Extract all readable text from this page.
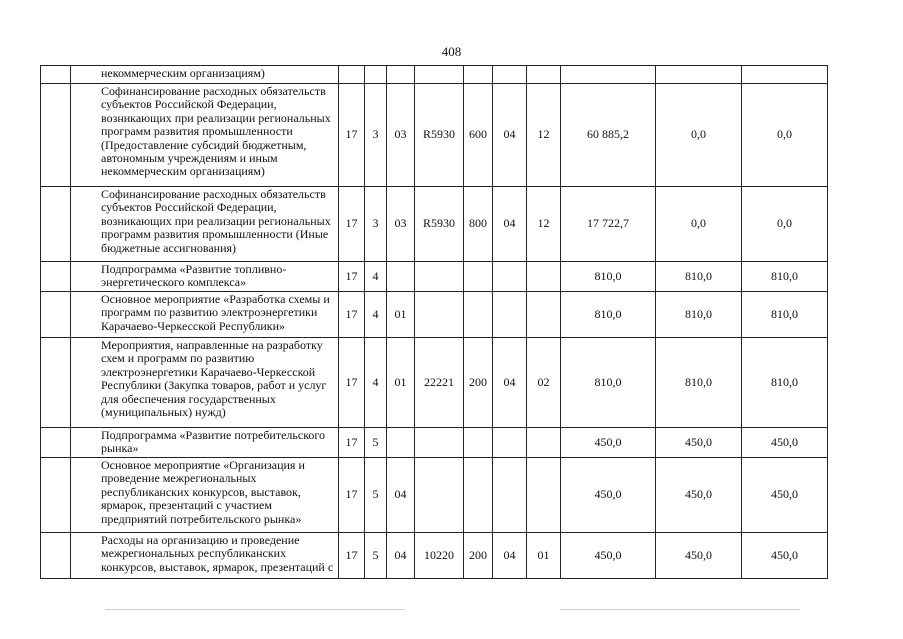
408
	некоммерческим организациям)										
	Софинансирование расходных обязательств субъектов Российской Федерации, возникающих при реализации региональных программ развития промышленности (Предоставление субсидий бюджетным, автономным учреждениям и иным некоммерческим организациям)	17	3	03	R5930	600	04	12	60 885,2	0,0	0,0
	Софинансирование расходных обязательств субъектов Российской Федерации, возникающих при реализации региональных программ развития промышленности (Иные бюджетные ассигнования)	17	3	03	R5930	800	04	12	17 722,7	0,0	0,0
	Подпрограмма «Развитие топливно-энергетического комплекса»	17	4						810,0	810,0	810,0
	Основное мероприятие «Разработка схемы и программ по развитию электроэнергетики Карачаево-Черкесской Республики»	17	4	01					810,0	810,0	810,0
	Мероприятия, направленные на разработку схем и программ по развитию электроэнергетики Карачаево-Черкесской Республики (Закупка товаров, работ и услуг для обеспечения государственных (муниципальных) нужд)	17	4	01	22221	200	04	02	810,0	810,0	810,0
	Подпрограмма «Развитие потребительского рынка»	17	5						450,0	450,0	450,0
	Основное мероприятие «Организация и проведение межрегиональных республиканских конкурсов, выставок, ярмарок, презентаций с участием предприятий потребительского рынка»	17	5	04					450,0	450,0	450,0
	Расходы на организацию и проведение межрегиональных республиканских конкурсов, выставок, ярмарок, презентаций с	17	5	04	10220	200	04	01	450,0	450,0	450,0
